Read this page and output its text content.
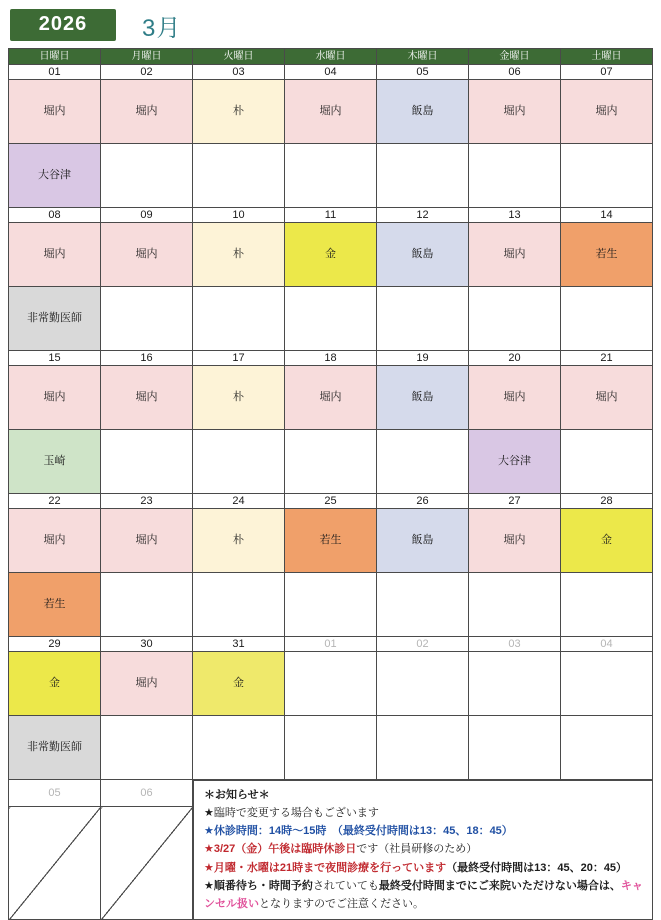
2026	3月
日曜日	月曜日	火曜日	水曜日	木曜日	金曜日	土曜日
01	02	03	04	05	06	07
堀内	堀内	朴	堀内	飯島	堀内	堀内
大谷津						
08	09	10	11	12	13	14
堀内	堀内	朴	金	飯島	堀内	若生
非常勤医師						
15	16	17	18	19	20	21
堀内	堀内	朴	堀内	飯島	堀内	堀内
玉崎					大谷津	
22	23	24	25	26	27	28
堀内	堀内	朴	若生	飯島	堀内	金
若生						
29	30	31	01	02	03	04
金	堀内	金				
非常勤医師						
05	06	＊お知らせ＊
★臨時で変更する場合もございます
★休診時間：14時～15時　（最終受付時間は13：45、18：45）
★3/27（金）午後は臨時休診日です（社員研修のため）
★月曜・水曜は21時まで夜間診療を行っています（最終受付時間は13：45、20：45）
★順番待ち・時間予約されていても最終受付時間までにご来院いただけない場合は、キャンセル扱いとなりますのでご注意ください。
